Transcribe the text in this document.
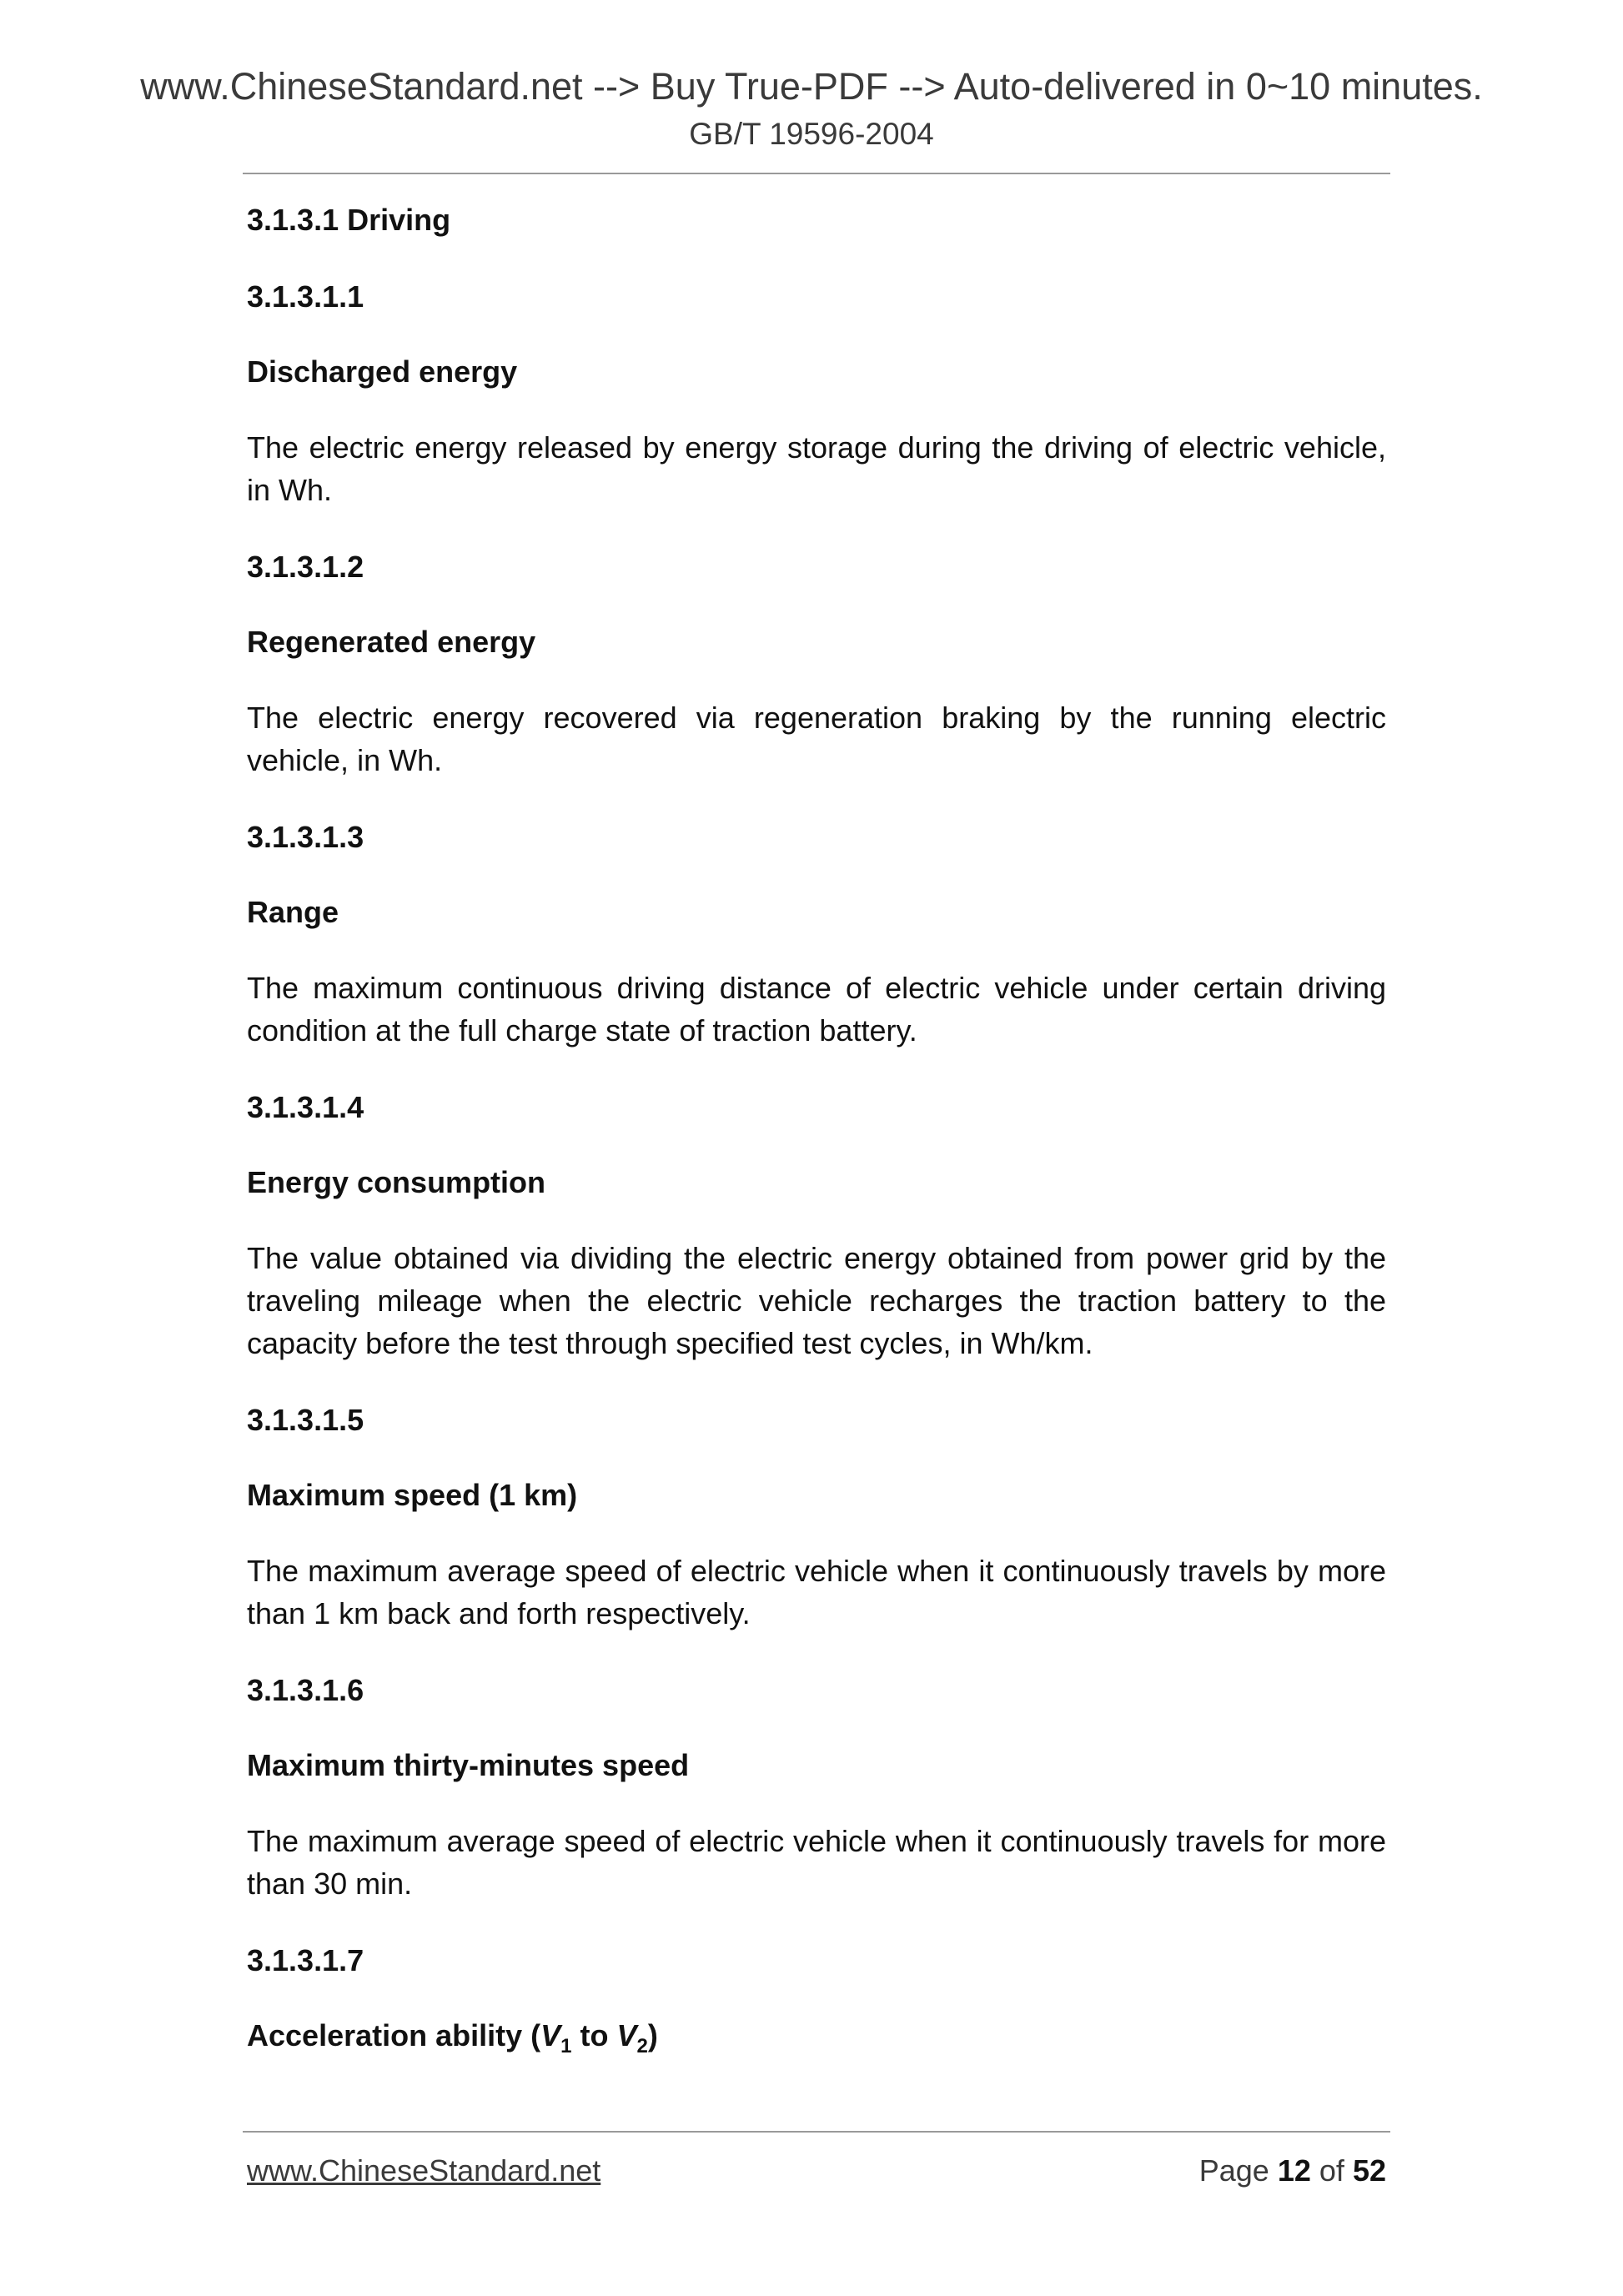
www.ChineseStandard.net --> Buy True-PDF --> Auto-delivered in 0~10 minutes.
GB/T 19596-2004
3.1.3.1 Driving
3.1.3.1.1
Discharged energy
The electric energy released by energy storage during the driving of electric vehicle, in Wh.
3.1.3.1.2
Regenerated energy
The electric energy recovered via regeneration braking by the running electric vehicle, in Wh.
3.1.3.1.3
Range
The maximum continuous driving distance of electric vehicle under certain driving condition at the full charge state of traction battery.
3.1.3.1.4
Energy consumption
The value obtained via dividing the electric energy obtained from power grid by the traveling mileage when the electric vehicle recharges the traction battery to the capacity before the test through specified test cycles, in Wh/km.
3.1.3.1.5
Maximum speed (1 km)
The maximum average speed of electric vehicle when it continuously travels by more than 1 km back and forth respectively.
3.1.3.1.6
Maximum thirty-minutes speed
The maximum average speed of electric vehicle when it continuously travels for more than 30 min.
3.1.3.1.7
Acceleration ability ($V_1$ to $V_2$)
www.ChineseStandard.net	Page 12 of 52
